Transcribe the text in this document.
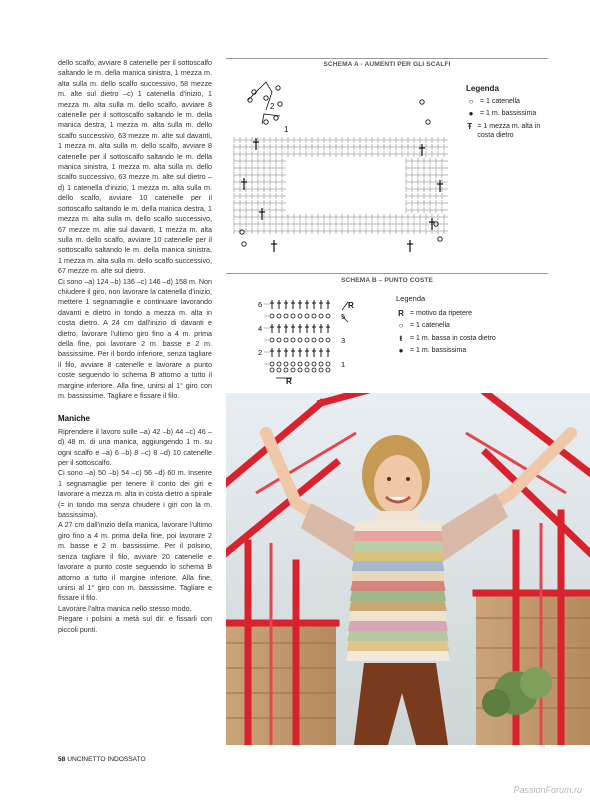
dello scalfo, avviare 8 catenelle per il sottoscalfo saltando le m. della manica sinistra, 1 mezza m. alta sulla m. dello scalfo successivo, 58 mezze m. alte sul dietro –c) 1 catenella d'inizio, 1 mezza m. alta sulla m. dello scalfo, avviare 8 catenelle per il sottoscalfo saltando le m. della manica destra, 1 mezza m. alta sulla m. dello scalfo successivo, 63 mezze m. alte sul davanti, 1 mezza m. alta sulla m. dello scalfo, avviare 8 catenelle per il sottoscalfo saltando le m. della manica sinistra, 1 mezza m. alta sulla m. dello scalfo successivo, 63 mezze m. alte sul dietro –d) 1 catenella d'inizio, 1 mezza m. alta sulla m. dello scalfo, avviare 10 catenelle per il sottoscalfo saltando le m. della manica destra, 1 mezza m. alta sulla m. dello scalfo successivo, 67 mezze m. alte sul davanti, 1 mezza m. alta sulla m. dello scalfo, avviare 10 catenelle per il sottoscalfo saltando le m. della manica sinistra, 1 mezza m. alta sulla m. dello scalfo successivo, 67 mezze m. alte sul dietro.

Ci sono –a) 124 –b) 136 –c) 146 –d) 158 m. Non chiudere il giro, non lavorare la catenella d'inizio, mettere 1 segnamaglie e continuare lavorando davanti e dietro in tondo a mezza m. alta in costa dietro. A 24 cm dall'inizio di davanti e dietro, lavorare l'ultimo giro fino a 4 m. prima della fine, poi lavorare 2 m. basse e 2 m. bassissime. Per il bordo inferiore, senza tagliare il filo, avviare 8 catenelle e lavorare a punto coste seguendo lo schema B attorno a tutto il margine inferiore. Alla fine, unirsi al 1° giro con m. bassissime. Tagliare e fissare il filo.

Maniche

Riprendere il lavoro sulle –a) 42 –b) 44 –c) 46 –d) 48 m. di una manica, aggiungendo 1 m. su ogni scalfo e –a) 6 –b) 8 –c) 8 –d) 10 catenelle per il sottoscalfo.

Ci sono –a) 50 –b) 54 –c) 56 –d) 60 m. Inserire 1 segnamaglie per tenere il conto dei giri e lavorare a mezza m. alta in costa dietro a spirale (= in tondo ma senza chiudere i giri con la m. bassissima).

A 27 cm dall'inizio della manica, lavorare l'ultimo giro fino a 4 m. prima della fine, poi lavorare 2 m. basse e 2 m. bassissime. Per il polsino, senza tagliare il filo, avviare 20 catenelle e lavorare a punto coste seguendo lo schema B attorno a tutto il margine inferiore. Alla fine, unirsi al 1° giro con m. bassissime. Tagliare e fissare il filo.

Lavorare l'altra manica nello stesso modo.

Piegare i polsini a metà sul dir. e fissarli con piccoli punti.

SCHEMA A - AUMENTI PER GLI SCALFI
2
1
Legenda
○ = 1 catenella
● = 1 m. bassissima
Ŧ = 1 mezza m. alta in costa dietro
SCHEMA B – PUNTO COSTE
6
4
2
R
5
3
1
R
Legenda
R = motivo da ripetere
○ = 1 catenella
ŧ	= 1 m. bassa in costa dietro
● = 1 m. bassissima
58 UNCINETTO INDOSSATO
PassionForum.ru
